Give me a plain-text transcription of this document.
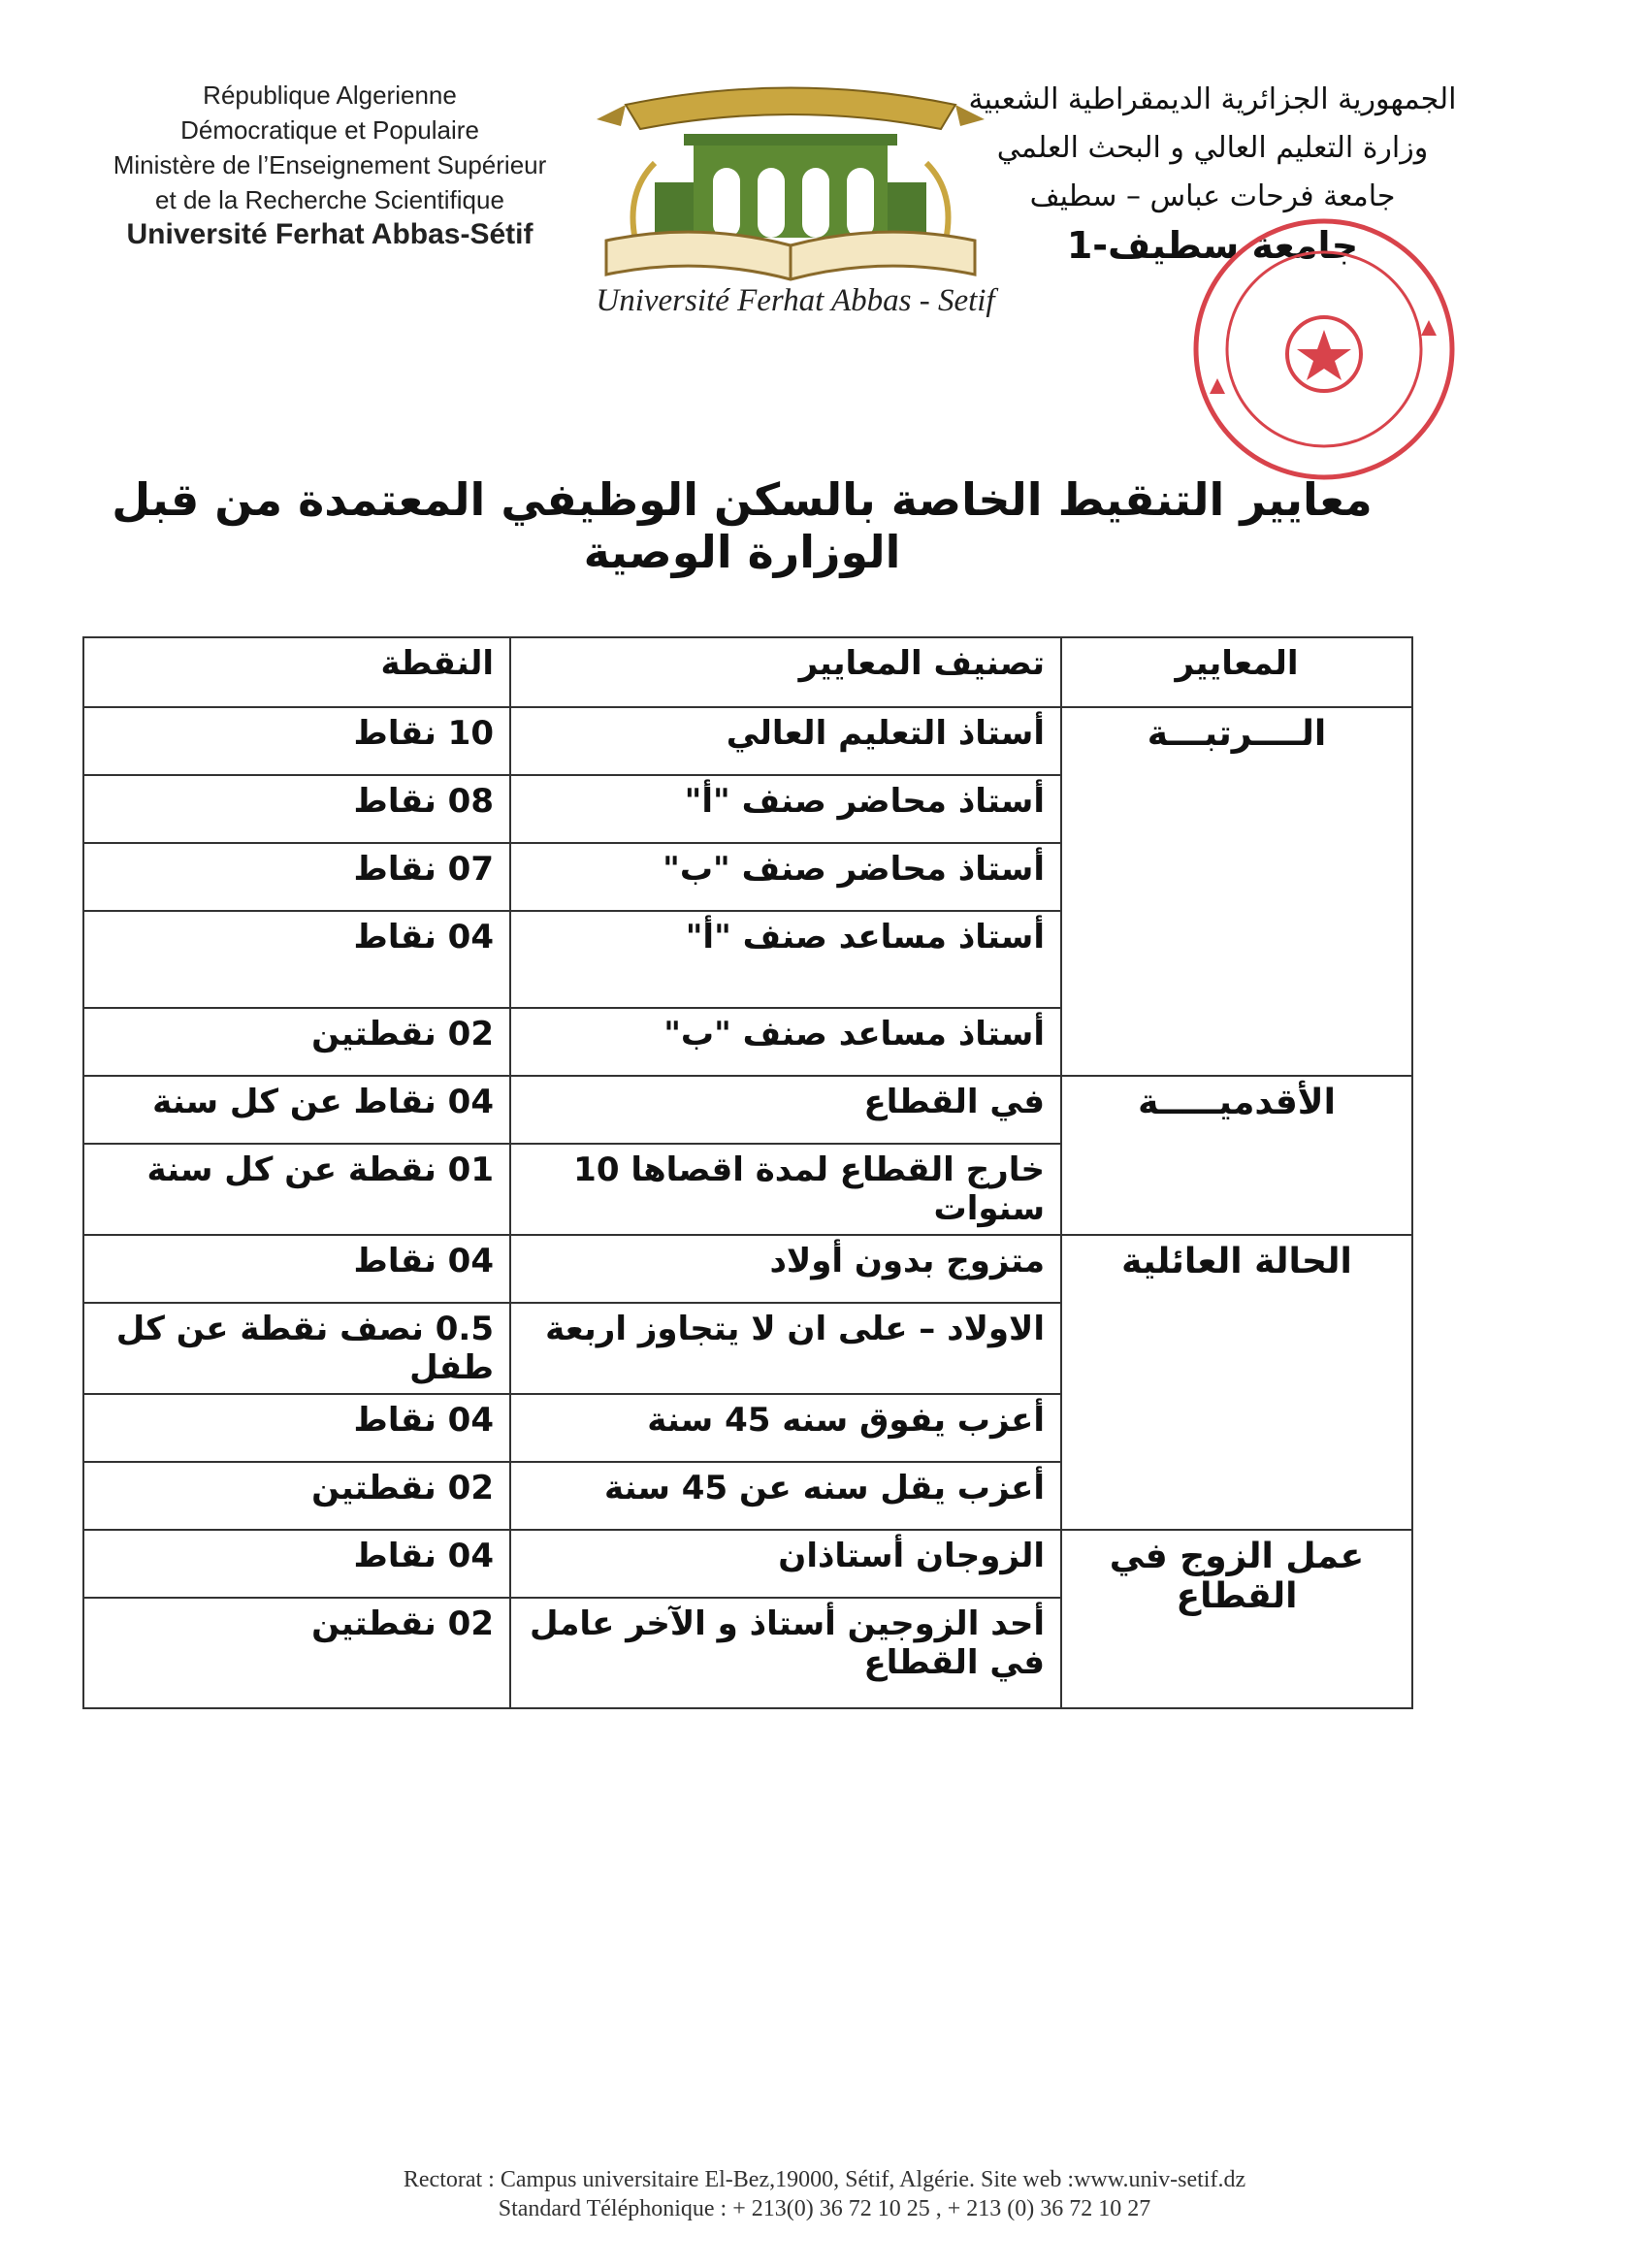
République Algerienne
Démocratique et Populaire
Ministère de l’Enseignement Supérieur
et de la Recherche Scientifique
Université Ferhat Abbas-Sétif
Université Ferhat Abbas - Setif
الجمهورية الجزائرية الديمقراطية الشعبية
وزارة التعليم العالي و البحث العلمي
جامعة فرحات عباس – سطيف
جامعة سطيف-1
معايير التنقيط الخاصة بالسكن الوظيفي المعتمدة من قبل الوزارة الوصية
المعايير	تصنيف المعايير	النقطة
الــــرتبـــة	أستاذ التعليم العالي	10 نقاط
	أستاذ محاضر صنف "أ"	08 نقاط
	أستاذ محاضر صنف "ب"	07 نقاط
	أستاذ مساعد صنف "أ"	04 نقاط
	أستاذ مساعد صنف "ب"	02 نقطتين
الأقدميـــــة	في القطاع	04 نقاط عن كل سنة
	خارج القطاع لمدة اقصاها 10 سنوات	01 نقطة عن كل سنة
الحالة العائلية	متزوج بدون أولاد	04 نقاط
	الاولاد – على ان لا يتجاوز اربعة	0.5 نصف نقطة عن كل طفل
	أعزب يفوق سنه 45 سنة	04 نقاط
	أعزب يقل سنه عن 45 سنة	02 نقطتين
عمل الزوج في القطاع	الزوجان أستاذان	04 نقاط
	أحد الزوجين أستاذ و الآخر عامل في القطاع	02 نقطتين
Rectorat : Campus universitaire El-Bez,19000, Sétif, Algérie. Site web :www.univ-setif.dz
Standard Téléphonique : + 213(0) 36 72 10 25 , + 213 (0) 36 72 10 27
